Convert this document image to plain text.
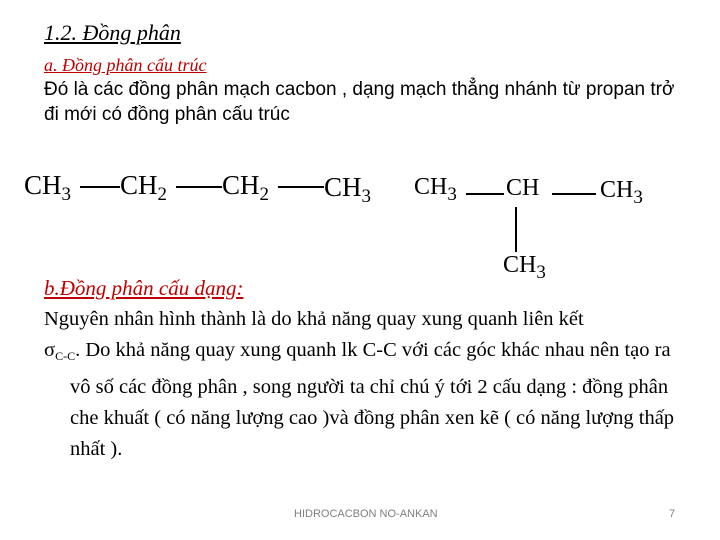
1.2. Đồng phân
a. Đồng phân cấu trúc
Đó là các đồng phân mạch cacbon , dạng mạch thẳng nhánh từ propan trở đi mới có đồng phân cấu trúc
$CH_3$ $CH_2$ $CH_2$ $CH_3$ $CH_3$ CH	$CH_3$
$CH_3$
b.Đồng phân cấu dạng:

Nguyên nhân hình thành là do khả năng quay xung quanh liên kết

σC-C. Do khả năng quay xung quanh lk C-C với các góc khác nhau nên tạo ra vô số các đồng phân , song người ta chỉ chú ý tới 2 cấu dạng : đồng phân che khuất ( có năng lượng cao )và đồng phân xen kẽ ( có năng lượng thấp nhất ).

HIDROCACBON NO-ANKAN	7
